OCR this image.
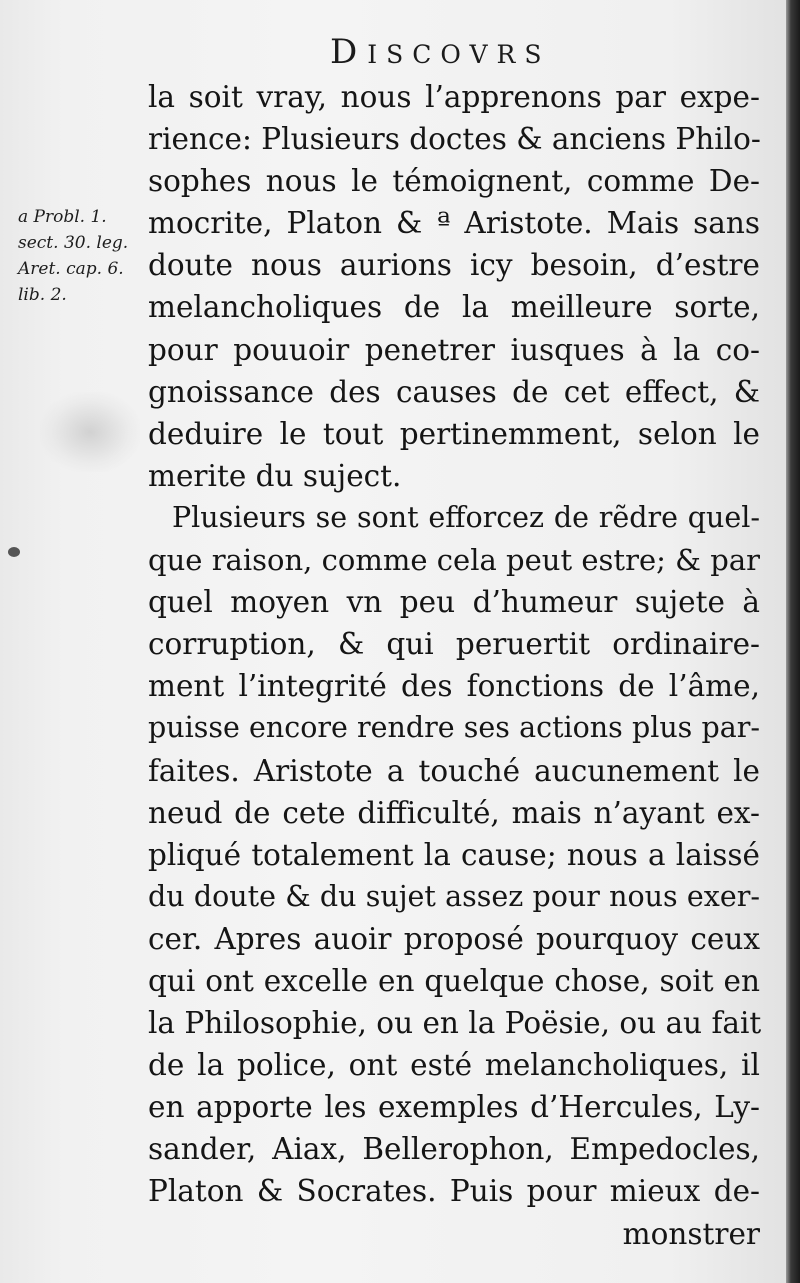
DISCOVRS
a Probl. 1.
sect. 30. leg.
Aret. cap. 6.
lib. 2.
la soit vray, nous l’apprenons par expe-
rience: Plusieurs doctes & anciens Philo-
sophes nous le témoignent, comme De-
mocrite, Platon & ª Aristote. Mais sans
doute nous aurions icy besoin, d’estre
melancholiques de la meilleure sorte,
pour pouuoir penetrer iusques à la co-
gnoissance des causes de cet effect, &
deduire le tout pertinemment, selon le
merite du suject.
Plusieurs se sont efforcez de rẽdre quel-
que raison, comme cela peut estre; & par
quel moyen vn peu d’humeur sujete à
corruption, & qui peruertit ordinaire-
ment l’integrité des fonctions de l’âme,
puisse encore rendre ses actions plus par-
faites. Aristote a touché aucunement le
neud de cete difficulté, mais n’ayant ex-
pliqué totalement la cause; nous a laissé
du doute & du sujet assez pour nous exer-
cer. Apres auoir proposé pourquoy ceux
qui ont excelle en quelque chose, soit en
la Philosophie, ou en la Poësie, ou au fait
de la police, ont esté melancholiques, il
en apporte les exemples d’Hercules, Ly-
sander, Aiax, Bellerophon, Empedocles,
Platon & Socrates. Puis pour mieux de-
monstrer
